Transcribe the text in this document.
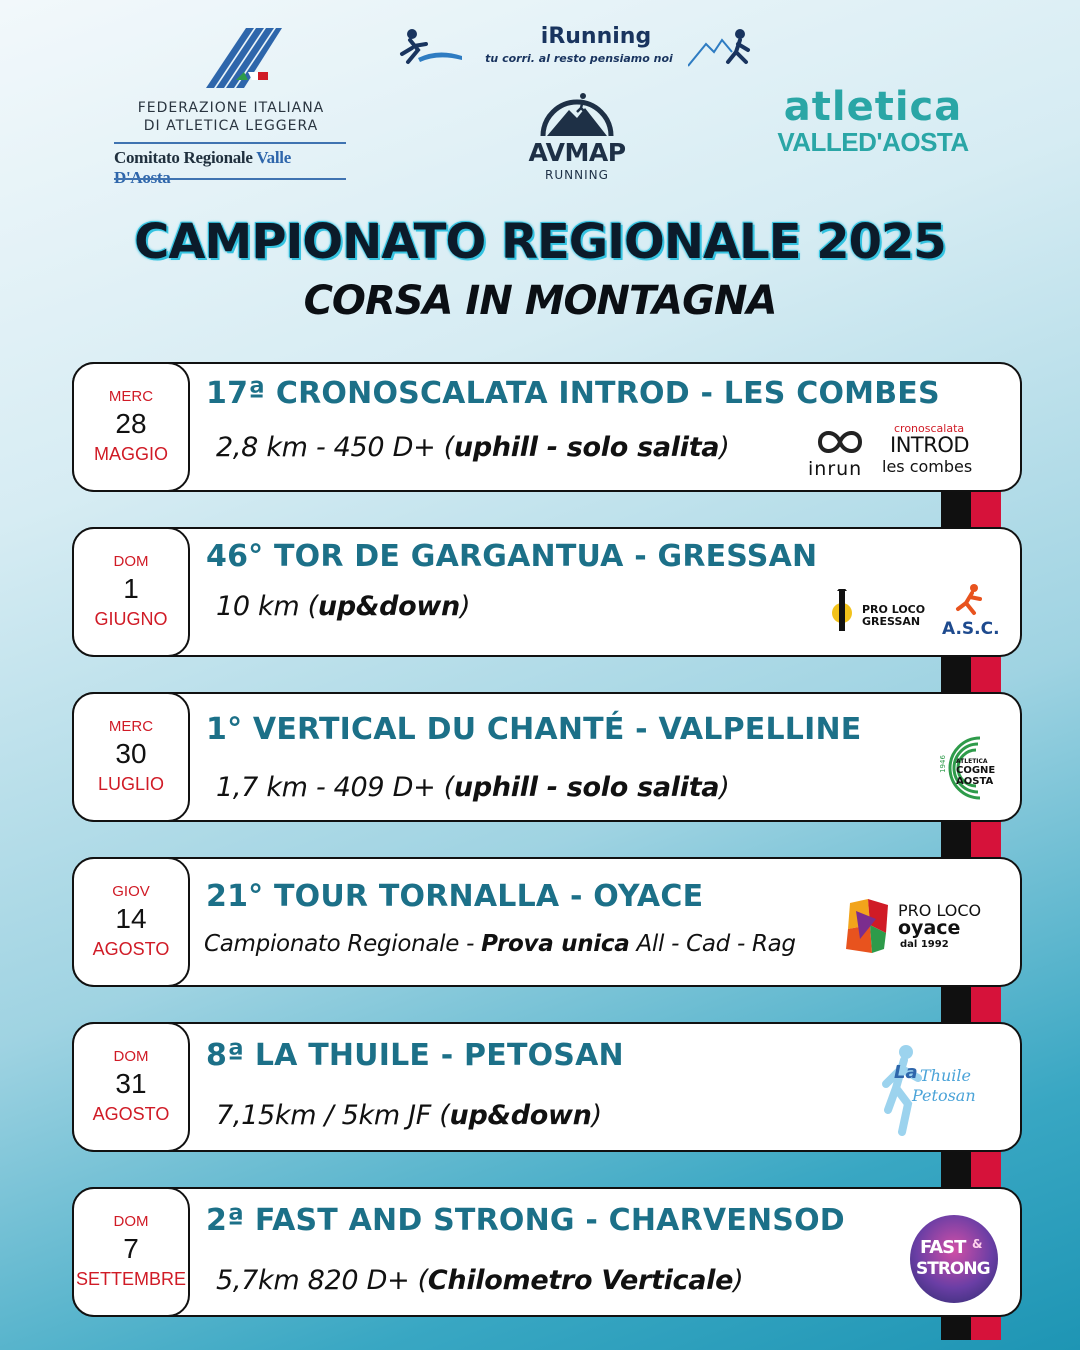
FEDERAZIONE ITALIANA
DI ATLETICA LEGGERA
Comitato Regionale Valle
iRunning
tu corri. al resto pensiamo noi
AVMAP
RUNNING
atletica
VALLED'AOSTA
CAMPIONATO REGIONALE 2025
CORSA IN MONTAGNA
MERC
28
MAGGIO
17ª CRONOSCALATA INTROD - LES COMBES
2,8 km - 450 D+ (uphill - solo salita)
inrun
cronoscalata
INTROD
les combes
DOM
1
GIUGNO
46° TOR DE GARGANTUA - GRESSAN
10 km (up&down)	PRO LOCO
GRESSAN A.S.C.
MERC
30
LUGLIO
1° VERTICAL DU CHANTÉ - VALPELLINE
1,7 km - 409 D+ (uphill - solo salita)
1946 ATLETICA
COGNE
AOSTA
GIOV
14
AGOSTO
21° TOUR TORNALLA - OYACE
Campionato Regionale - Prova unica All - Cad - Rag
PRO LOCO
oyace
dal 1992
DOM
31
AGOSTO
8ª LA THUILE - PETOSAN
7,15km / 5km JF (up&down)
La Thuile
Petosan
DOM
7
SETTEMBRE
2ª FAST AND STRONG - CHARVENSOD
5,7km 820 D+ (Chilometro Verticale)
FAST &
STRONG
